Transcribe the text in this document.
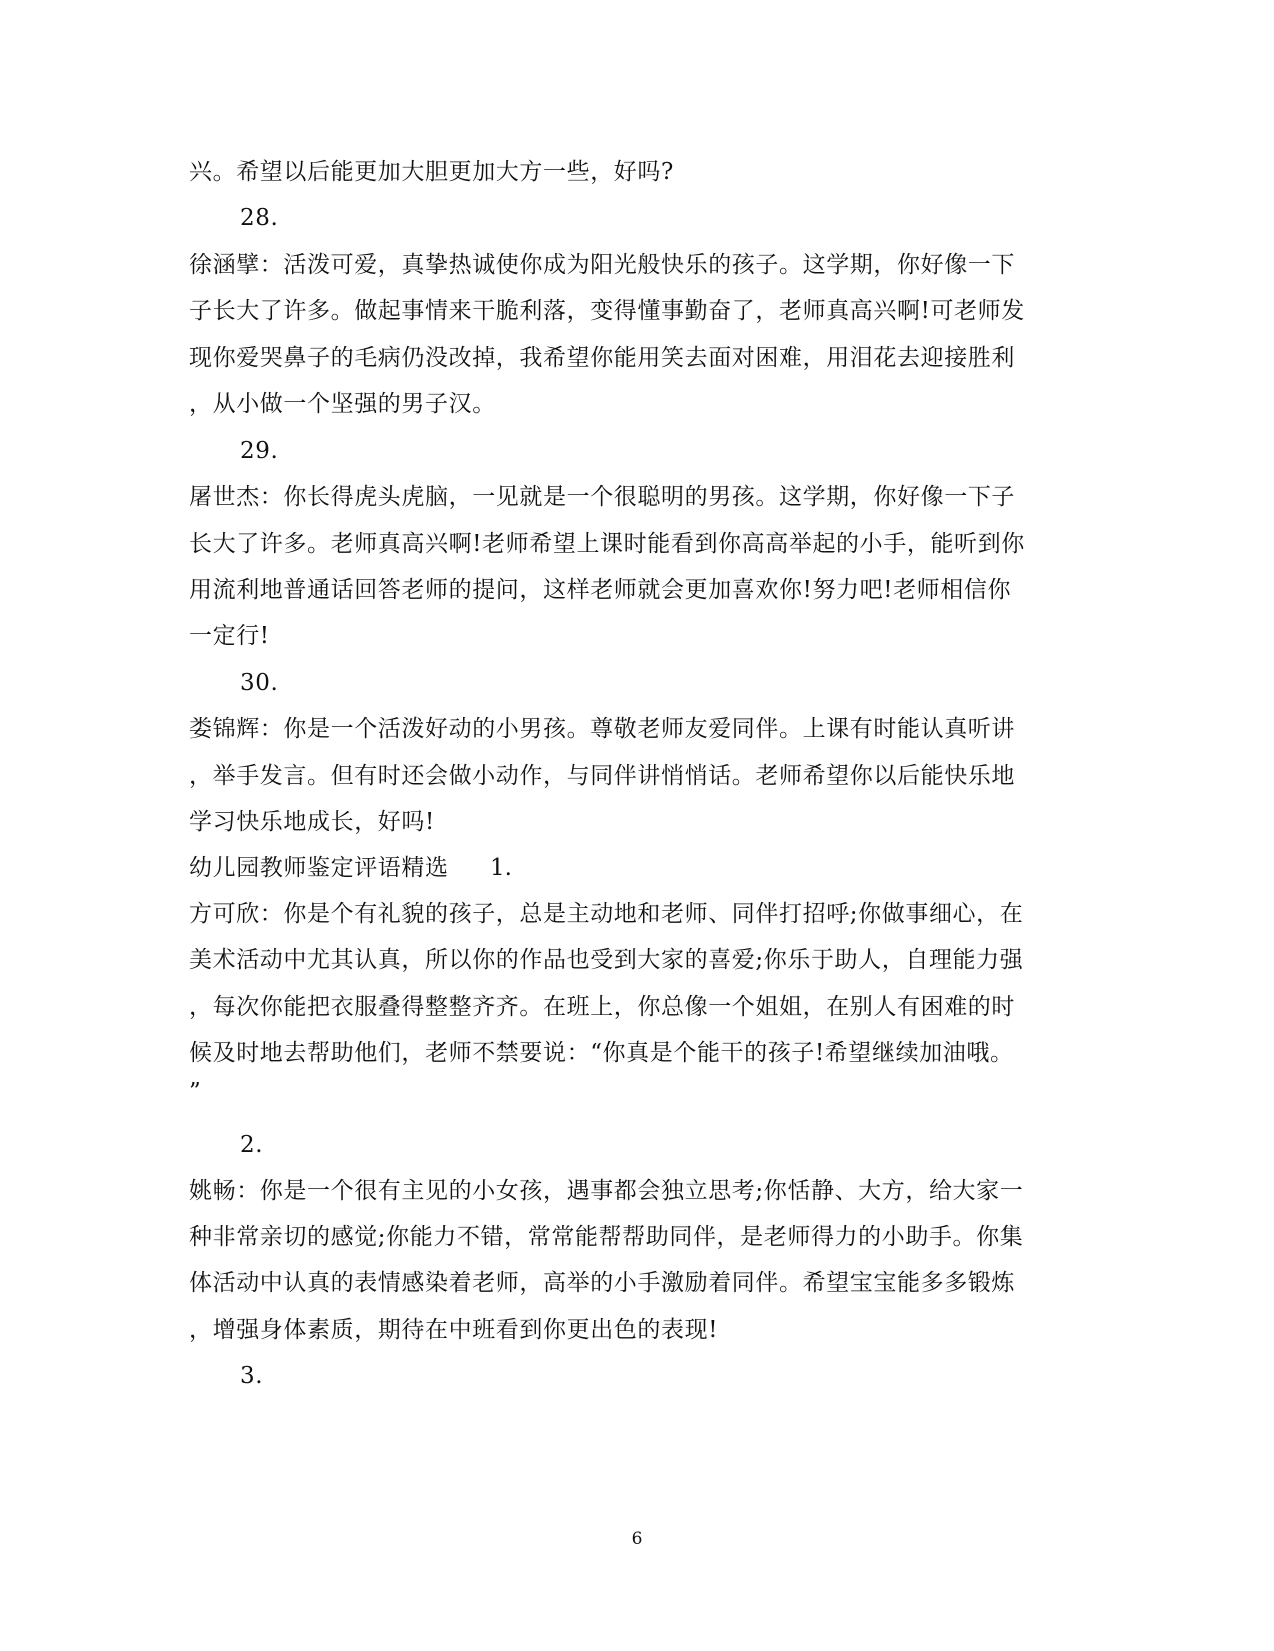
兴。希望以后能更加大胆更加大方一些，好吗?
28.
徐涵擘：活泼可爱，真挚热诚使你成为阳光般快乐的孩子。这学期，你好像一下
子长大了许多。做起事情来干脆利落，变得懂事勤奋了，老师真高兴啊!可老师发
现你爱哭鼻子的毛病仍没改掉，我希望你能用笑去面对困难，用泪花去迎接胜利
，从小做一个坚强的男子汉。
29.
屠世杰：你长得虎头虎脑，一见就是一个很聪明的男孩。这学期，你好像一下子
长大了许多。老师真高兴啊!老师希望上课时能看到你高高举起的小手，能听到你
用流利地普通话回答老师的提问，这样老师就会更加喜欢你!努力吧!老师相信你
一定行!
30.
娄锦辉：你是一个活泼好动的小男孩。尊敬老师友爱同伴。上课有时能认真听讲
，举手发言。但有时还会做小动作，与同伴讲悄悄话。老师希望你以后能快乐地
学习快乐地成长，好吗!
幼儿园教师鉴定评语精选	1.
方可欣：你是个有礼貌的孩子，总是主动地和老师、同伴打招呼;你做事细心，在
美术活动中尤其认真，所以你的作品也受到大家的喜爱;你乐于助人，自理能力强
，每次你能把衣服叠得整整齐齐。在班上，你总像一个姐姐，在别人有困难的时
候及时地去帮助他们，老师不禁要说：“你真是个能干的孩子!希望继续加油哦。
”
2.
姚畅：你是一个很有主见的小女孩，遇事都会独立思考;你恬静、大方，给大家一
种非常亲切的感觉;你能力不错，常常能帮帮助同伴，是老师得力的小助手。你集
体活动中认真的表情感染着老师，高举的小手激励着同伴。希望宝宝能多多锻炼
，增强身体素质，期待在中班看到你更出色的表现!
3.
6
